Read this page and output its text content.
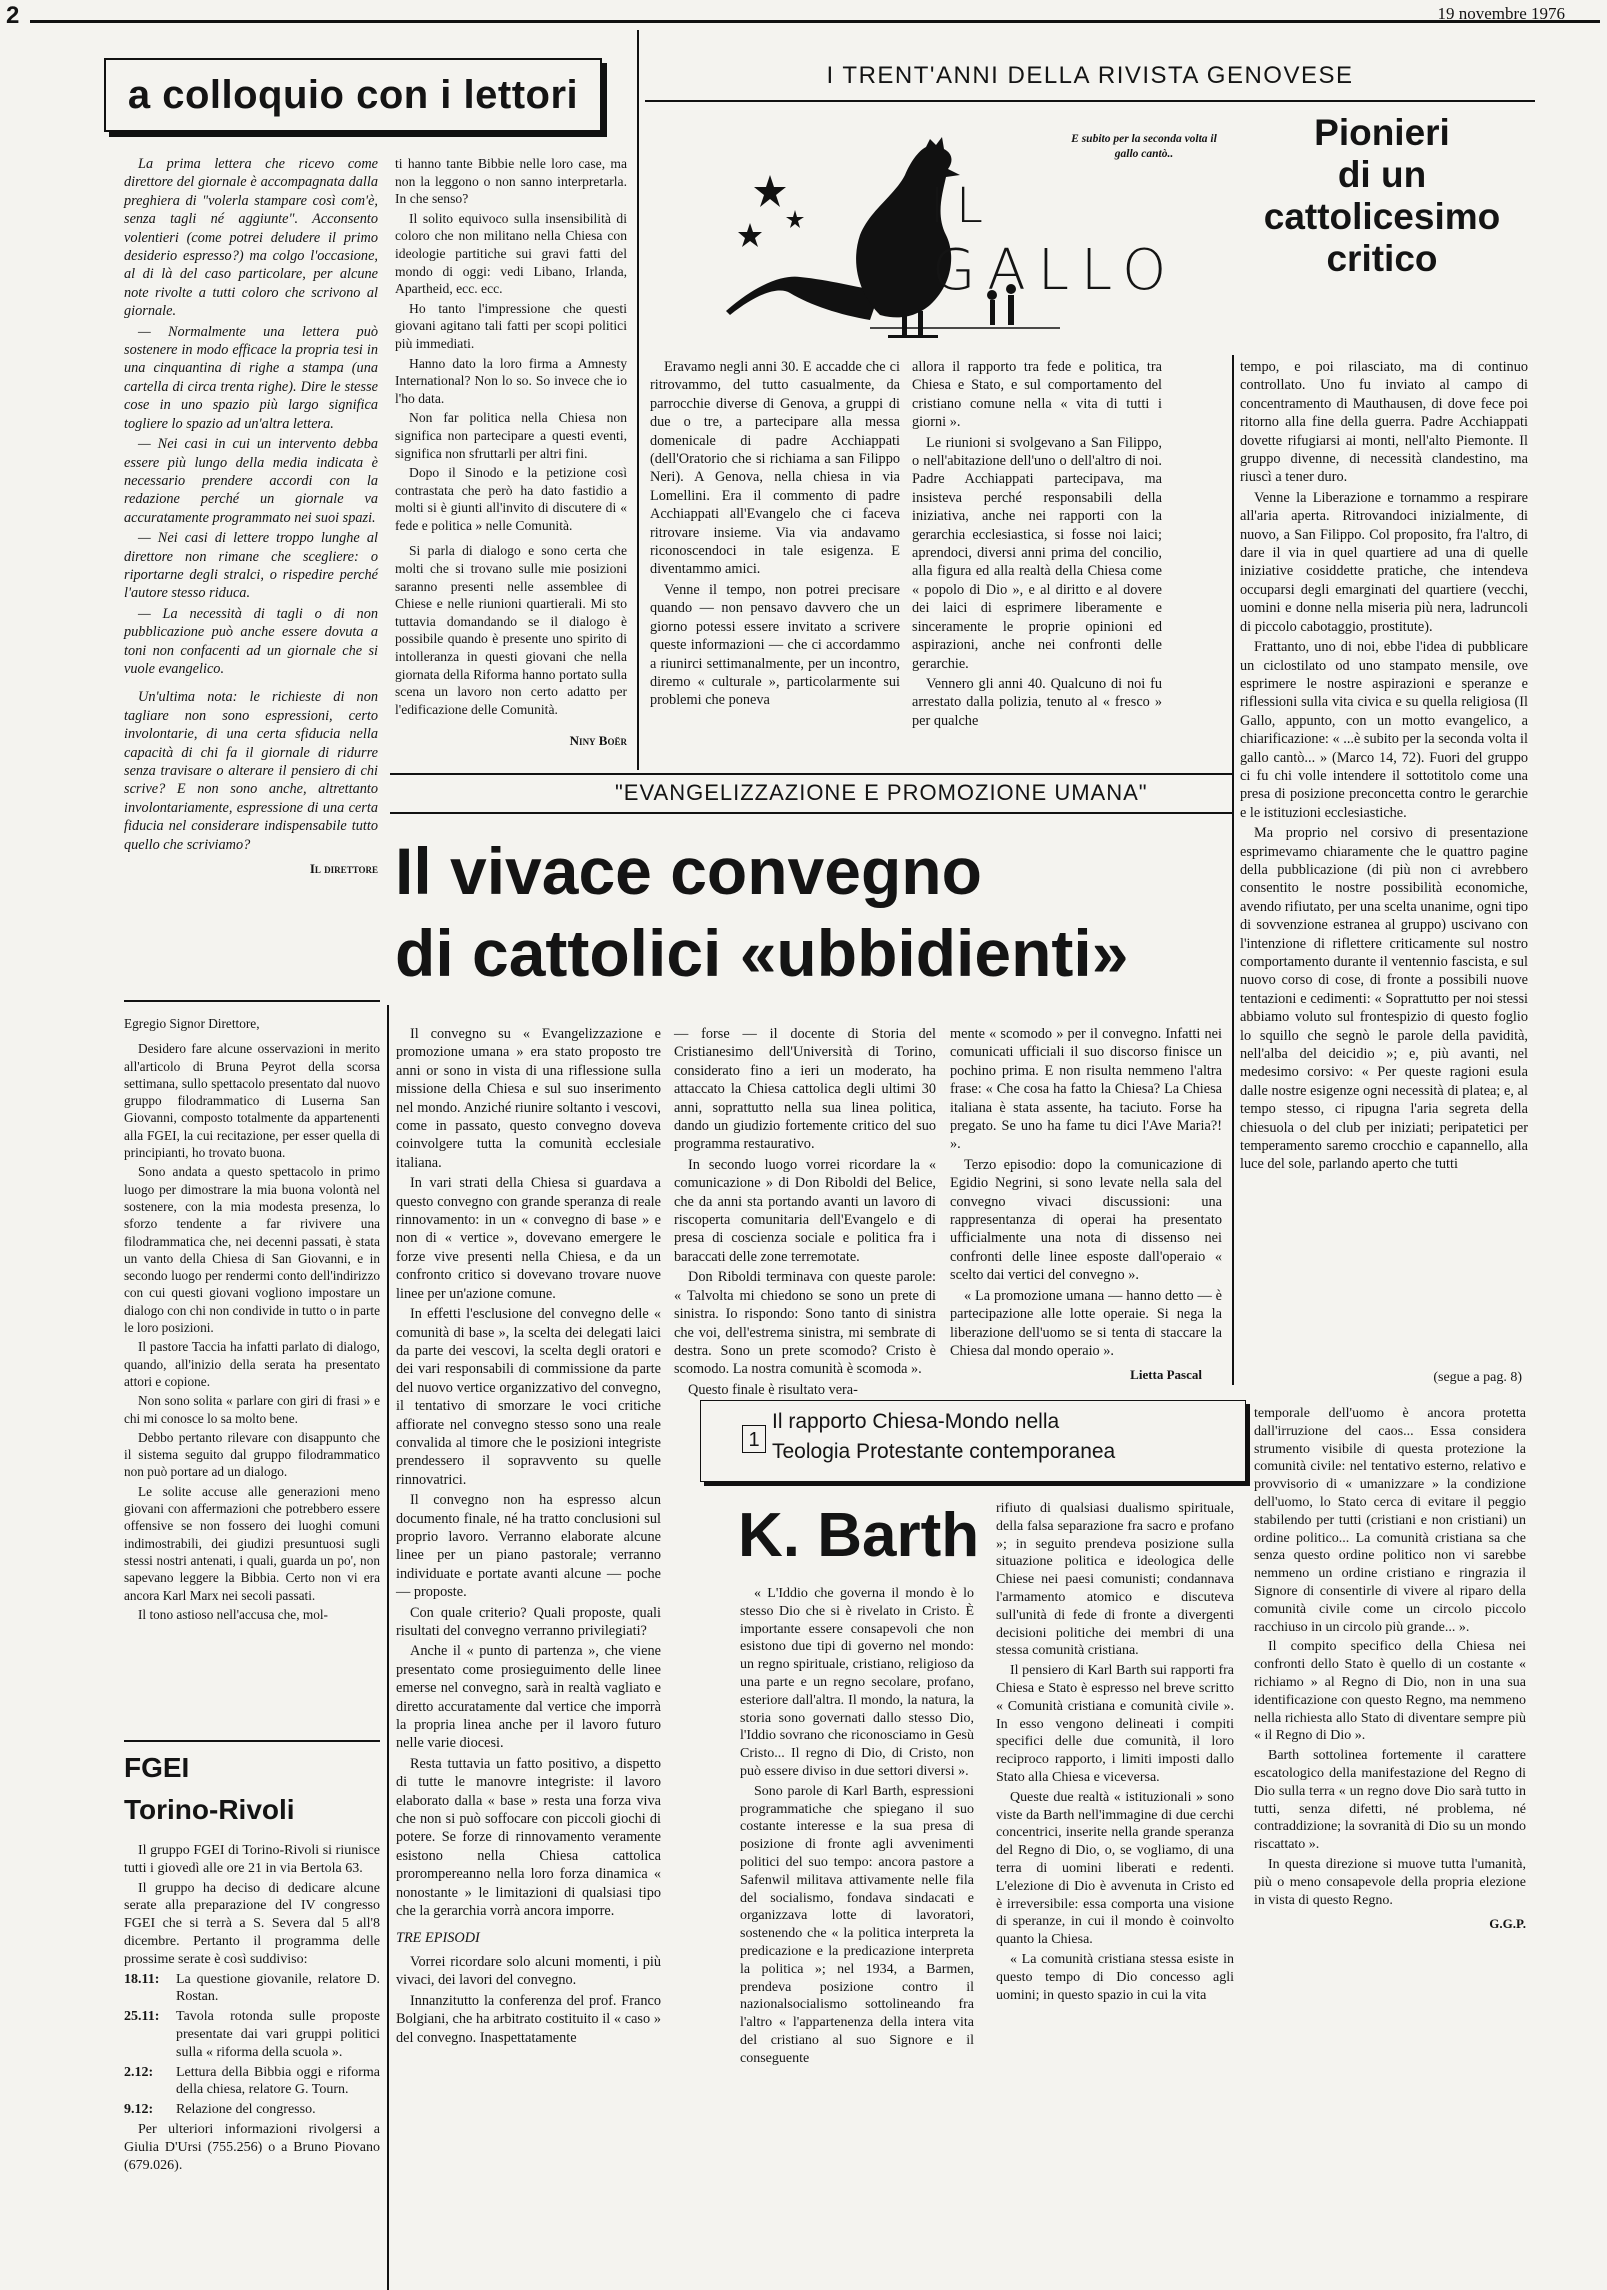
2	19 novembre 1976
a colloquio con i lettori

La prima lettera che ricevo come direttore del giornale è accompagnata dalla preghiera di "volerla stampare così com'è, senza tagli né aggiunte". Acconsento volentieri (come potrei deludere il primo desiderio espresso?) ma colgo l'occasione, al di là del caso particolare, per alcune note rivolte a tutti coloro che scrivono al giornale.

— Normalmente una lettera può sostenere in modo efficace la propria tesi in una cinquantina di righe a stampa (una cartella di circa trenta righe). Dire le stesse cose in uno spazio più largo significa togliere lo spazio ad un'altra lettera.

— Nei casi in cui un intervento debba essere più lungo della media indicata è necessario prendere accordi con la redazione perché un giornale va accuratamente programmato nei suoi spazi.

— Nei casi di lettere troppo lunghe al direttore non rimane che scegliere: o riportarne degli stralci, o rispedire perché l'autore stesso riduca.

— La necessità di tagli o di non pubblicazione può anche essere dovuta a toni non confacenti ad un giornale che si vuole evangelico.

Un'ultima nota: le richieste di non tagliare non sono espressioni, certo involontarie, di una certa sfiducia nella capacità di chi fa il giornale di ridurre senza travisare o alterare il pensiero di chi scrive? E non sono anche, altrettanto involontariamente, espressione di una certa fiducia nel considerare indispensabile tutto quello che scriviamo?

Il direttore

ti hanno tante Bibbie nelle loro case, ma non la leggono o non sanno interpretarla. In che senso?

Il solito equivoco sulla insensibilità di coloro che non militano nella Chiesa con ideologie partitiche sui gravi fatti del mondo di oggi: vedi Libano, Irlanda, Apartheid, ecc. ecc.

Ho tanto l'impressione che questi giovani agitano tali fatti per scopi politici più immediati.

Hanno dato la loro firma a Amnesty International? Non lo so. So invece che io l'ho data.

Non far politica nella Chiesa non significa non partecipare a questi eventi, significa non sfruttarli per altri fini.

Dopo il Sinodo e la petizione così contrastata che però ha dato fastidio a molti si è giunti all'invito di discutere di « fede e politica » nelle Comunità.

Si parla di dialogo e sono certa che molti che si trovano sulle mie posizioni saranno presenti nelle assemblee di Chiese e nelle riunioni quartierali. Mi sto tuttavia domandando se il dialogo è possibile quando è presente uno spirito di intolleranza in questi giovani che nella giornata della Riforma hanno portato sulla scena un lavoro non certo adatto per l'edificazione delle Comunità.

Niny Boër

Egregio Signor Direttore,

Desidero fare alcune osservazioni in merito all'articolo di Bruna Peyrot della scorsa settimana, sullo spettacolo presentato dal nuovo gruppo filodrammatico di Luserna San Giovanni, composto totalmente da appartenenti alla FGEI, la cui recitazione, per esser quella di principianti, ho trovato buona.

Sono andata a questo spettacolo in primo luogo per dimostrare la mia buona volontà nel sostenere, con la mia modesta presenza, lo sforzo tendente a far rivivere una filodrammatica che, nei decenni passati, è stata un vanto della Chiesa di San Giovanni, e in secondo luogo per rendermi conto dell'indirizzo con cui questi giovani vogliono impostare un dialogo con chi non condivide in tutto o in parte le loro posizioni.

Il pastore Taccia ha infatti parlato di dialogo, quando, all'inizio della serata ha presentato attori e copione.

Non sono solita « parlare con giri di frasi » e chi mi conosce lo sa molto bene.

Debbo pertanto rilevare con disappunto che il sistema seguito dal gruppo filodrammatico non può portare ad un dialogo.

Le solite accuse alle generazioni meno giovani con affermazioni che potrebbero essere offensive se non fossero dei luoghi comuni indimostrabili, dei giudizi presuntuosi sugli stessi nostri antenati, i quali, guarda un po', non sapevano leggere la Bibbia. Certo non vi era ancora Karl Marx nei secoli passati.

Il tono astioso nell'accusa che, mol-

FGEI
Torino-Rivoli

Il gruppo FGEI di Torino-Rivoli si riunisce tutti i giovedì alle ore 21 in via Bertola 63.

Il gruppo ha deciso di dedicare alcune serate alla preparazione del IV congresso FGEI che si terrà a S. Severa dal 5 all'8 dicembre. Pertanto il programma delle prossime serate è così suddiviso:

18.11: La questione giovanile, relatore D. Rostan.

25.11: Tavola rotonda sulle proposte presentate dai vari gruppi politici sulla « riforma della scuola ».

2.12: Lettura della Bibbia oggi e riforma della chiesa, relatore G. Tourn.

9.12: Relazione del congresso.

Per ulteriori informazioni rivolgersi a Giulia D'Ursi (755.256) o a Bruno Piovano (679.026).

I TRENT'ANNI DELLA RIVISTA GENOVESE
E subito per la seconda volta il gallo cantò..
IL
GALLO
Pionieri
di un
cattolicesimo
critico

Eravamo negli anni 30. E accadde che ci ritrovammo, del tutto casualmente, da parrocchie diverse di Genova, a gruppi di due o tre, a partecipare alla messa domenicale di padre Acchiappati (dell'Oratorio che si richiama a san Filippo Neri). A Genova, nella chiesa in via Lomellini. Era il commento di padre Acchiappati all'Evangelo che ci faceva ritrovare insieme. Via via andavamo riconoscendoci in tale esigenza. E diventammo amici.

Venne il tempo, non potrei precisare quando — non pensavo davvero che un giorno potessi essere invitato a scrivere queste informazioni — che ci accordammo a riunirci settimanalmente, per un incontro, diremo « culturale », particolarmente sui problemi che poneva

allora il rapporto tra fede e politica, tra Chiesa e Stato, e sul comportamento del cristiano comune nella « vita di tutti i giorni ».

Le riunioni si svolgevano a San Filippo, o nell'abitazione dell'uno o dell'altro di noi. Padre Acchiappati partecipava, ma insisteva perché responsabili della iniziativa, anche nei rapporti con la gerarchia ecclesiastica, si fosse noi laici; aprendoci, diversi anni prima del concilio, alla figura ed alla realtà della Chiesa come « popolo di Dio », e al diritto e al dovere dei laici di esprimere liberamente e sinceramente le proprie opinioni ed aspirazioni, anche nei confronti delle gerarchie.

Vennero gli anni 40. Qualcuno di noi fu arrestato dalla polizia, tenuto al « fresco » per qualche

tempo, e poi rilasciato, ma di continuo controllato. Uno fu inviato al campo di concentramento di Mauthausen, di dove fece poi ritorno alla fine della guerra. Padre Acchiappati dovette rifugiarsi ai monti, nell'alto Piemonte. Il gruppo divenne, di necessità clandestino, ma riuscì a tener duro.

Venne la Liberazione e tornammo a respirare all'aria aperta. Ritrovandoci inizialmente, di nuovo, a San Filippo. Col proposito, fra l'altro, di dare il via in quel quartiere ad una di quelle iniziative cosiddette pratiche, che intendeva occuparsi degli emarginati del quartiere (vecchi, uomini e donne nella miseria più nera, ladruncoli di piccolo cabotaggio, prostitute).

Frattanto, uno di noi, ebbe l'idea di pubblicare un ciclostilato od uno stampato mensile, ove esprimere le nostre aspirazioni e speranze e riflessioni sulla vita civica e su quella religiosa (Il Gallo, appunto, con un motto evangelico, a chiarificazione: « ...è subito per la seconda volta il gallo cantò... » (Marco 14, 72). Fuori del gruppo ci fu chi volle intendere il sottotitolo come una presa di posizione preconcetta contro le gerarchie e le istituzioni ecclesiastiche.

Ma proprio nel corsivo di presentazione esprimevamo chiaramente che le quattro pagine della pubblicazione (di più non ci avrebbero consentito le nostre possibilità economiche, avendo rifiutato, per una scelta unanime, ogni tipo di sovvenzione estranea al gruppo) uscivano con l'intenzione di riflettere criticamente sul nostro comportamento durante il ventennio fascista, e sul nuovo corso di cose, di fronte a possibili nuove tentazioni e cedimenti: « Soprattutto per noi stessi abbiamo voluto sul frontespizio di questo foglio lo squillo che segnò le parole della pavidità, nell'alba del deicidio »; e, più avanti, nel medesimo corsivo: « Per queste ragioni esula dalle nostre esigenze ogni necessità di platea; e, al tempo stesso, ci ripugna l'aria segreta della chiesuola o del club per iniziati; peripatetici per temperamento saremo crocchio e capannello, alla luce del sole, parlando aperto che tutti

(segue a pag. 8)
"EVANGELIZZAZIONE E PROMOZIONE UMANA"
Il vivace convegno
di cattolici «ubbidienti»

Il convegno su « Evangelizzazione e promozione umana » era stato proposto tre anni or sono in vista di una riflessione sulla missione della Chiesa e sul suo inserimento nel mondo. Anziché riunire soltanto i vescovi, come in passato, questo convegno doveva coinvolgere tutta la comunità ecclesiale italiana.

In vari strati della Chiesa si guardava a questo convegno con grande speranza di reale rinnovamento: in un « convegno di base » e non di « vertice », dovevano emergere le forze vive presenti nella Chiesa, e da un confronto critico si dovevano trovare nuove linee per un'azione comune.

In effetti l'esclusione del convegno delle « comunità di base », la scelta dei delegati laici da parte dei vescovi, la scelta degli oratori e dei vari responsabili di commissione da parte del nuovo vertice organizzativo del convegno, il tentativo di smorzare le voci critiche affiorate nel convegno stesso sono una reale convalida al timore che le posizioni integriste prendessero il sopravvento su quelle rinnovatrici.

Il convegno non ha espresso alcun documento finale, né ha tratto conclusioni sul proprio lavoro. Verranno elaborate alcune linee per un piano pastorale; verranno individuate e portate avanti alcune — poche — proposte.

Con quale criterio? Quali proposte, quali risultati del convegno verranno privilegiati?

Anche il « punto di partenza », che viene presentato come prosieguimento delle linee emerse nel convegno, sarà in realtà vagliato e diretto accuratamente dal vertice che imporrà la propria linea anche per il lavoro futuro nelle varie diocesi.

Resta tuttavia un fatto positivo, a dispetto di tutte le manovre integriste: il lavoro elaborato dalla « base » resta una forza viva che non si può soffocare con piccoli giochi di potere. Se forze di rinnovamento veramente esistono nella Chiesa cattolica prorompereanno nella loro forza dinamica « nonostante » le limitazioni di qualsiasi tipo che la gerarchia vorrà ancora imporre.

TRE EPISODI

Vorrei ricordare solo alcuni momenti, i più vivaci, dei lavori del convegno.

Innanzitutto la conferenza del prof. Franco Bolgiani, che ha arbitrato costituito il « caso » del convegno. Inaspettatamente

— forse — il docente di Storia del Cristianesimo dell'Università di Torino, considerato fino a ieri un moderato, ha attaccato la Chiesa cattolica degli ultimi 30 anni, soprattutto nella sua linea politica, dando un giudizio fortemente critico del suo programma restaurativo.

In secondo luogo vorrei ricordare la « comunicazione » di Don Riboldi del Belice, che da anni sta portando avanti un lavoro di riscoperta comunitaria dell'Evangelo e di presa di coscienza sociale e politica fra i baraccati delle zone terremotate.

Don Riboldi terminava con queste parole: « Talvolta mi chiedono se sono un prete di sinistra. Io rispondo: Sono tanto di sinistra che voi, dell'estrema sinistra, mi sembrate di destra. Sono un prete scomodo? Cristo è scomodo. La nostra comunità è scomoda ».

Questo finale è risultato vera-

mente « scomodo » per il convegno. Infatti nei comunicati ufficiali il suo discorso finisce un pochino prima. E non risulta nemmeno l'altra frase: « Che cosa ha fatto la Chiesa? La Chiesa italiana è stata assente, ha taciuto. Forse ha pregato. Se uno ha fame tu dici l'Ave Maria?! ».

Terzo episodio: dopo la comunicazione di Egidio Negrini, si sono levate nella sala del convegno vivaci discussioni: una rappresentanza di operai ha presentato ufficialmente una nota di dissenso nei confronti delle linee esposte dall'operaio « scelto dai vertici del convegno ».

« La promozione umana — hanno detto — è partecipazione alle lotte operaie. Si nega la liberazione dell'uomo se si tenta di staccare la Chiesa dal mondo operaio ».

Lietta Pascal
1
Il rapporto Chiesa-Mondo nella
Teologia Protestante contemporanea
K. Barth

« L'Iddio che governa il mondo è lo stesso Dio che si è rivelato in Cristo. È importante essere consapevoli che non esistono due tipi di governo nel mondo: un regno spirituale, cristiano, religioso da una parte e un regno secolare, profano, esteriore dall'altra. Il mondo, la natura, la storia sono governati dallo stesso Dio, l'Iddio sovrano che riconosciamo in Gesù Cristo... Il regno di Dio, di Cristo, non può essere diviso in due settori diversi ».

Sono parole di Karl Barth, espressioni programmatiche che spiegano il suo costante interesse e la sua presa di posizione di fronte agli avvenimenti politici del suo tempo: ancora pastore a Safenwil militava attivamente nelle fila del socialismo, fondava sindacati e organizzava lotte di lavoratori, sostenendo che « la politica interpreta la predicazione e la predicazione interpreta la politica »; nel 1934, a Barmen, prendeva posizione contro il nazionalsocialismo sottolineando fra l'altro « l'appartenenza della intera vita del cristiano al suo Signore e il conseguente

rifiuto di qualsiasi dualismo spirituale, della falsa separazione fra sacro e profano »; in seguito prendeva posizione sulla situazione politica e ideologica delle Chiese nei paesi comunisti; condannava l'armamento atomico e discuteva sull'unità di fede di fronte a divergenti decisioni politiche dei membri di una stessa comunità cristiana.

Il pensiero di Karl Barth sui rapporti fra Chiesa e Stato è espresso nel breve scritto « Comunità cristiana e comunità civile ». In esso vengono delineati i compiti specifici delle due comunità, il loro reciproco rapporto, i limiti imposti dallo Stato alla Chiesa e viceversa.

Queste due realtà « istituzionali » sono viste da Barth nell'immagine di due cerchi concentrici, inserite nella grande speranza del Regno di Dio, o, se vogliamo, di una terra di uomini liberati e redenti. L'elezione di Dio è avvenuta in Cristo ed è irreversibile: essa comporta una visione di speranze, in cui il mondo è coinvolto quanto la Chiesa.

« La comunità cristiana stessa esiste in questo tempo di Dio concesso agli uomini; in questo spazio in cui la vita

temporale dell'uomo è ancora protetta dall'irruzione del caos... Essa considera strumento visibile di questa protezione la comunità civile: nel tentativo esterno, relativo e provvisorio di « umanizzare » la condizione dell'uomo, lo Stato cerca di evitare il peggio stabilendo per tutti (cristiani e non cristiani) un ordine politico... La comunità cristiana sa che senza questo ordine politico non vi sarebbe nemmeno un ordine cristiano e ringrazia il Signore di consentirle di vivere al riparo della comunità civile come un circolo piccolo racchiuso in un circolo più grande... ».

Il compito specifico della Chiesa nei confronti dello Stato è quello di un costante « richiamo » al Regno di Dio, non in una sua identificazione con questo Regno, ma nemmeno nella richiesta allo Stato di diventare sempre più « il Regno di Dio ».

Barth sottolinea fortemente il carattere escatologico della manifestazione del Regno di Dio sulla terra « un regno dove Dio sarà tutto in tutti, senza difetti, né problema, né contraddizione; la sovranità di Dio su un mondo riscattato ».

In questa direzione si muove tutta l'umanità, più o meno consapevole della propria elezione in vista di questo Regno.

G.G.P.
